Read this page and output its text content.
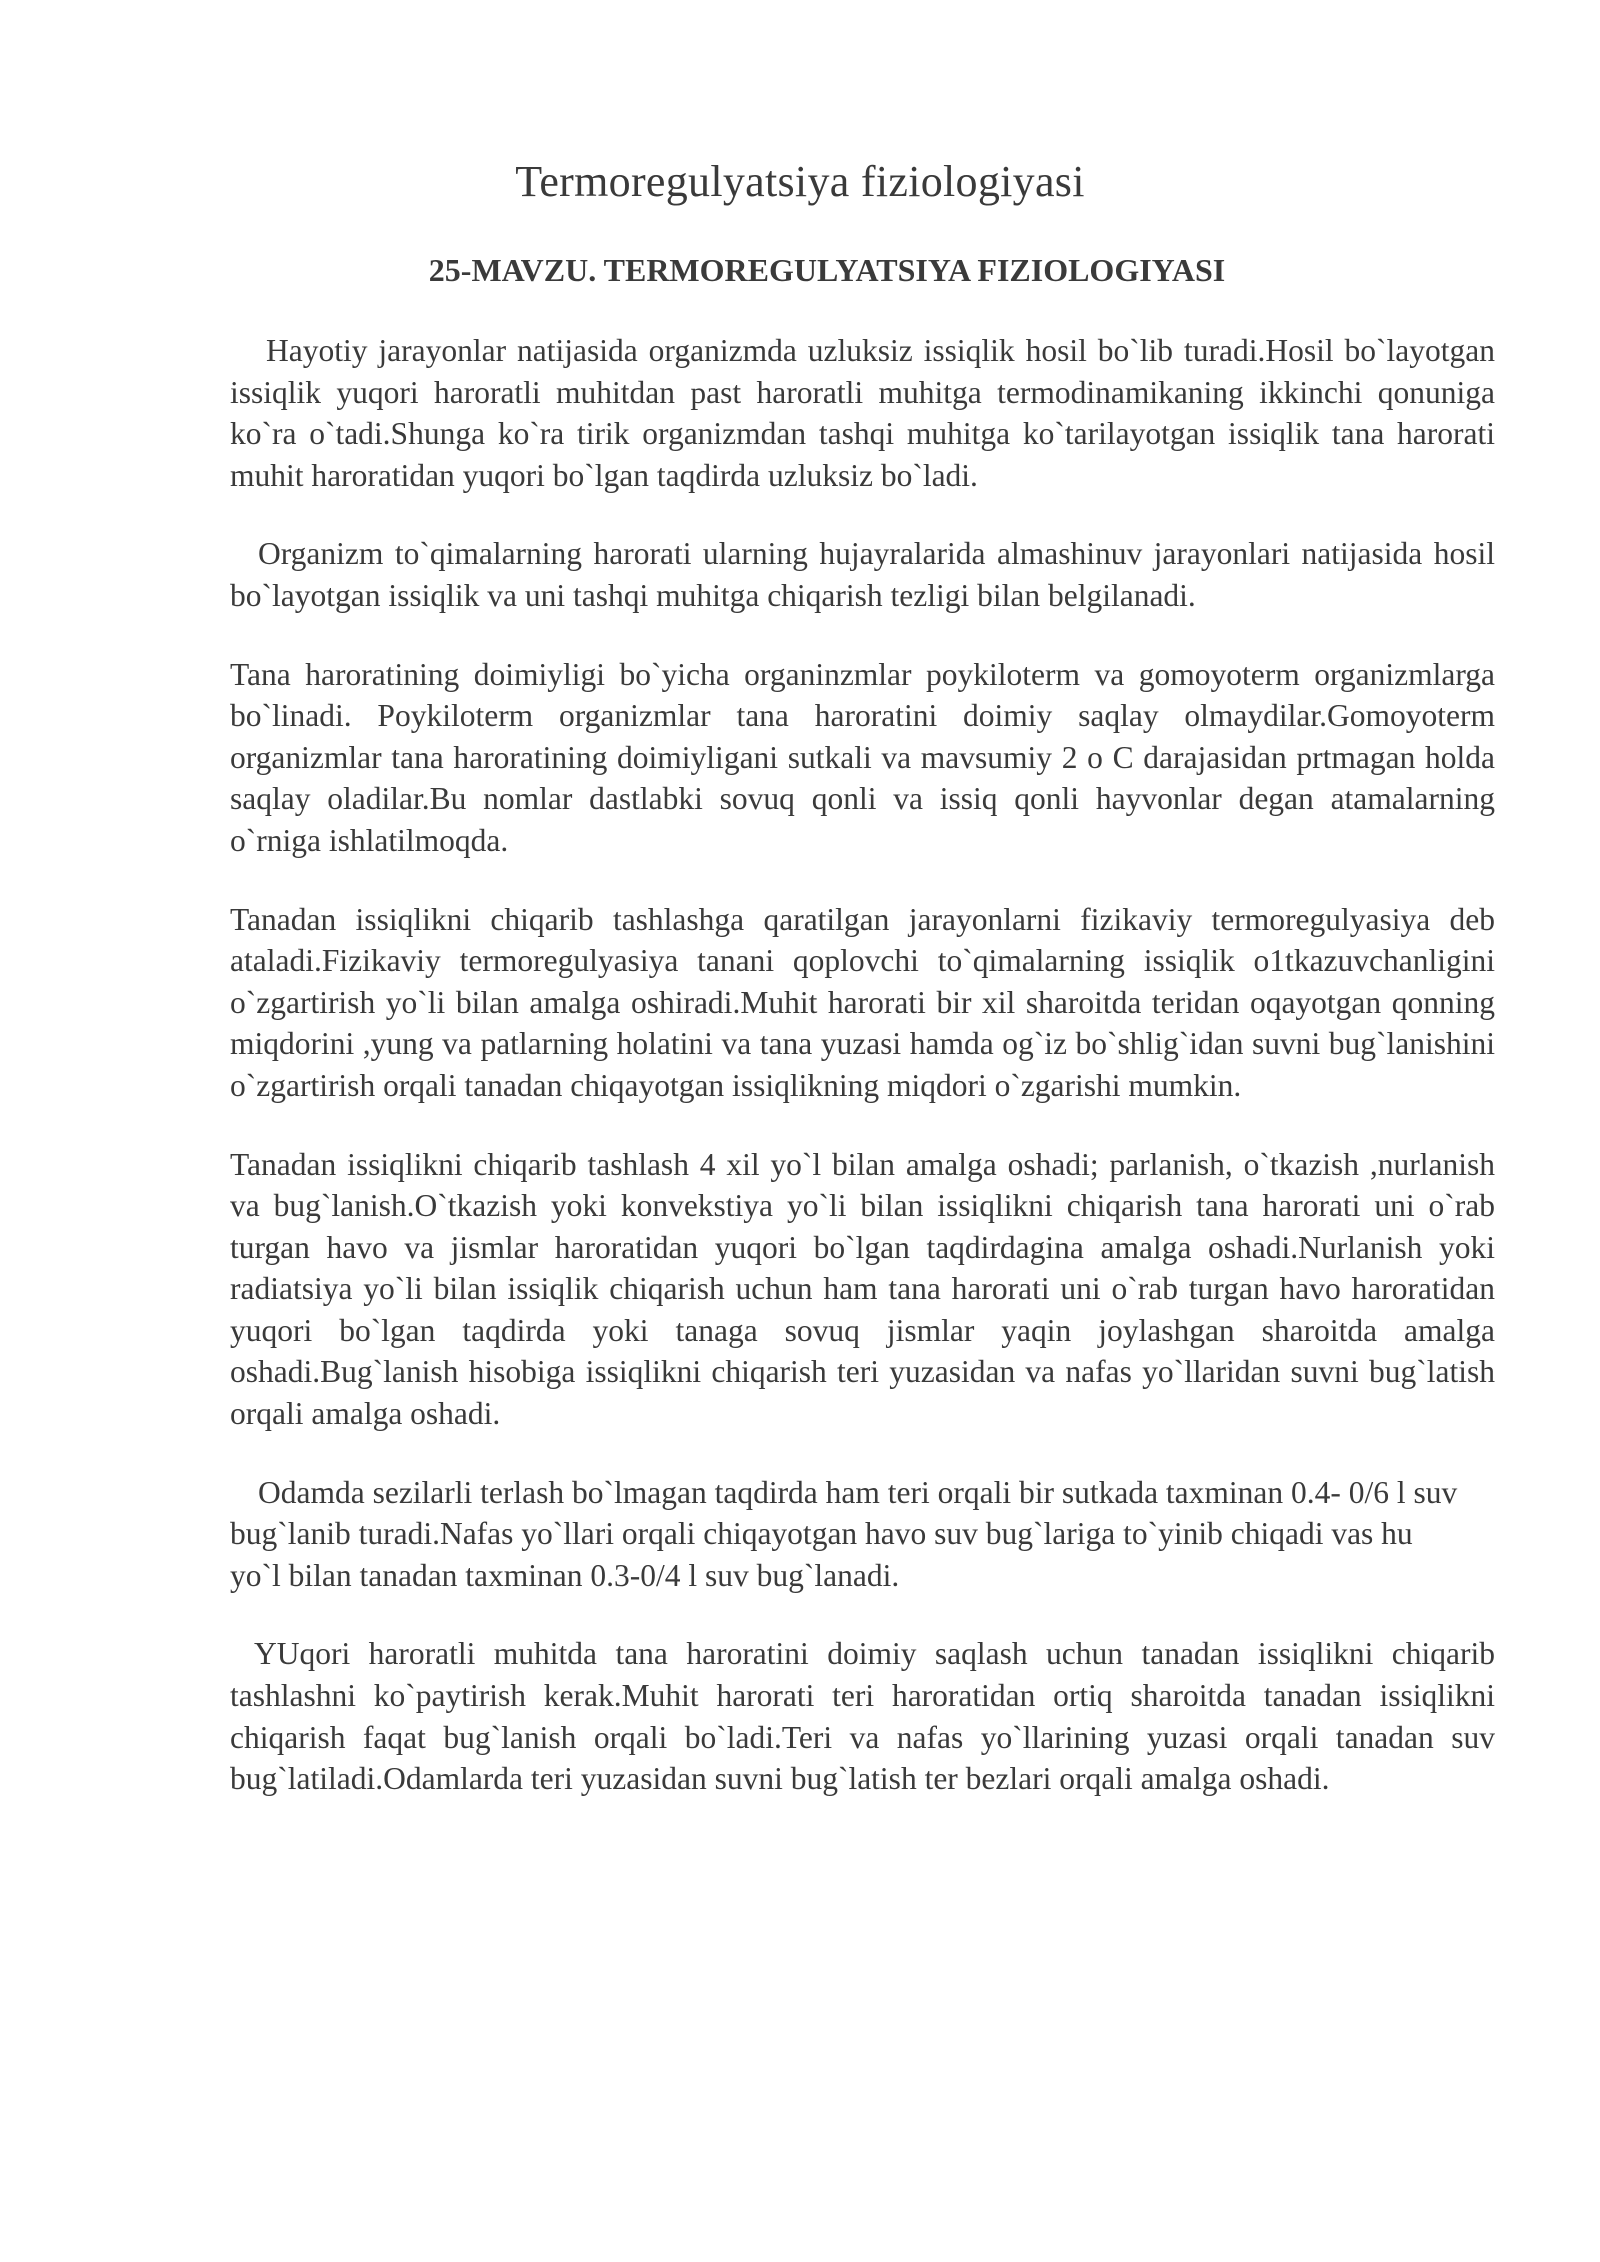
Termoregulyatsiya fiziologiyasi
25-MAVZU. TERMOREGULYATSIYA FIZIOLOGIYASI

Hayotiy jarayonlar natijasida organizmda uzluksiz issiqlik hosil bo`lib turadi.Hosil bo`layotgan issiqlik yuqori haroratli muhitdan past haroratli muhitga termodinamikaning ikkinchi qonuniga ko`ra o`tadi.Shunga ko`ra tirik organizmdan tashqi muhitga ko`tarilayotgan issiqlik tana harorati muhit haroratidan yuqori bo`lgan taqdirda uzluksiz bo`ladi.

Organizm to`qimalarning harorati ularning hujayralarida almashinuv jarayonlari natijasida hosil bo`layotgan issiqlik va uni tashqi muhitga chiqarish tezligi bilan belgilanadi.

Tana haroratining doimiyligi bo`yicha organinzmlar poykiloterm va gomoyoterm organizmlarga bo`linadi. Poykiloterm organizmlar tana haroratini doimiy saqlay olmaydilar.Gomoyoterm organizmlar tana haroratining doimiyligani sutkali va mavsumiy 2 o C darajasidan prtmagan holda saqlay oladilar.Bu nomlar dastlabki sovuq qonli va issiq qonli hayvonlar degan atamalarning o`rniga ishlatilmoqda.

Tanadan issiqlikni chiqarib tashlashga qaratilgan jarayonlarni fizikaviy termoregulyasiya deb ataladi.Fizikaviy termoregulyasiya tanani qoplovchi to`qimalarning issiqlik o1tkazuvchanligini o`zgartirish yo`li bilan amalga oshiradi.Muhit harorati bir xil sharoitda teridan oqayotgan qonning miqdorini ,yung va patlarning holatini va tana yuzasi hamda og`iz bo`shlig`idan suvni bug`lanishini o`zgartirish orqali tanadan chiqayotgan issiqlikning miqdori o`zgarishi mumkin.

Tanadan issiqlikni chiqarib tashlash 4 xil yo`l bilan amalga oshadi; parlanish, o`tkazish ,nurlanish va bug`lanish.O`tkazish yoki konvekstiya yo`li bilan issiqlikni chiqarish tana harorati uni o`rab turgan havo va jismlar haroratidan yuqori bo`lgan taqdirdagina amalga oshadi.Nurlanish yoki radiatsiya yo`li bilan issiqlik chiqarish uchun ham tana harorati uni o`rab turgan havo haroratidan yuqori bo`lgan taqdirda yoki tanaga sovuq jismlar yaqin joylashgan sharoitda amalga oshadi.Bug`lanish hisobiga issiqlikni chiqarish teri yuzasidan va nafas yo`llaridan suvni bug`latish orqali amalga oshadi.

Odamda sezilarli terlash bo`lmagan taqdirda ham teri orqali bir sutkada taxminan 0.4- 0/6 l suv bug`lanib turadi.Nafas yo`llari orqali chiqayotgan havo suv bug`lariga to`yinib chiqadi vas hu yo`l bilan tanadan taxminan 0.3-0/4 l suv bug`lanadi.

YUqori haroratli muhitda tana haroratini doimiy saqlash uchun tanadan issiqlikni chiqarib tashlashni ko`paytirish kerak.Muhit harorati teri haroratidan ortiq sharoitda tanadan issiqlikni chiqarish faqat bug`lanish orqali bo`ladi.Teri va nafas yo`llarining yuzasi orqali tanadan suv bug`latiladi.Odamlarda teri yuzasidan suvni bug`latish ter bezlari orqali amalga oshadi.
